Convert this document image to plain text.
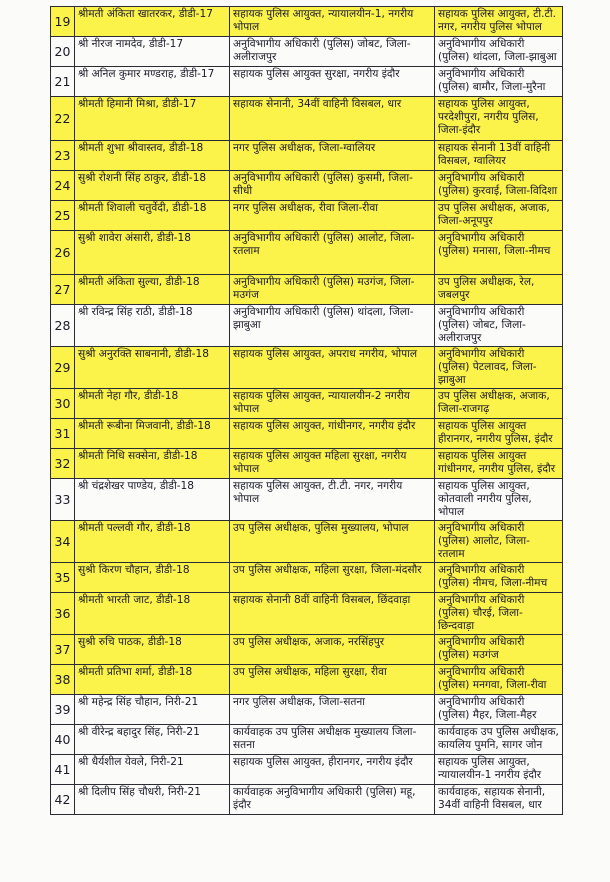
19	श्रीमती अंकिता खातरकर, डीडी-17	सहायक पुलिस आयुक्त, न्यायालयीन-1, नगरीय भोपाल	सहायक पुलिस आयुक्त, टी.टी. नगर, नगरीय पुलिस भोपाल
20	श्री नीरज नामदेव, डीडी-17	अनुविभागीय अधिकारी (पुलिस) जोबट, जिला-अलीराजपुर	अनुविभागीय अधिकारी (पुलिस) थांदला, जिला-झाबुआ
21	श्री अनिल कुमार मण्डराह, डीडी-17	सहायक पुलिस आयुक्त सुरक्षा, नगरीय इंदौर	अनुविभागीय अधिकारी (पुलिस) बामौर, जिला-मुरैना
22	श्रीमती हिमानी मिश्रा, डीडी-17	सहायक सेनानी, 34वीं वाहिनी विसबल, धार	सहायक पुलिस आयुक्त, परदेशीपुरा, नगरीय पुलिस, जिला-इंदौर
23	श्रीमती शुभा श्रीवास्तव, डीडी-18	नगर पुलिस अधीक्षक, जिला-ग्वालियर	सहायक सेनानी 13वीं वाहिनी विसबल, ग्वालियर
24	सुश्री रोशनी सिंह ठाकुर, डीडी-18	अनुविभागीय अधिकारी (पुलिस) कुसमी, जिला-सीधी	अनुविभागीय अधिकारी (पुलिस) कुरवाई, जिला-विदिशा
25	श्रीमती शिवाली चतुर्वेदी, डीडी-18	नगर पुलिस अधीक्षक, रीवा जिला-रीवा	उप पुलिस अधीक्षक, अजाक, जिला-अनूपपुर
26	सुश्री शावेरा अंसारी, डीडी-18	अनुविभागीय अधिकारी (पुलिस) आलोट, जिला- रतलाम	अनुविभागीय अधिकारी (पुलिस) मनासा, जिला-नीमच
27	श्रीमती अंकिता सुल्या, डीडी-18	अनुविभागीय अधिकारी (पुलिस) मउगंज, जिला-मउगंज	उप पुलिस अधीक्षक, रेल, जबलपुर
28	श्री रविन्द्र सिंह राठी, डीडी-18	अनुविभागीय अधिकारी (पुलिस) थांदला, जिला-झाबुआ	अनुविभागीय अधिकारी (पुलिस) जोबट, जिला-अलीराजपुर
29	सुश्री अनुरक्ति साबनानी, डीडी-18	सहायक पुलिस आयुक्त, अपराध नगरीय, भोपाल	अनुविभागीय अधिकारी (पुलिस) पेटलावद, जिला- झाबुआ
30	श्रीमती नेहा गौर, डीडी-18	सहायक पुलिस आयुक्त, न्यायालयीन-2 नगरीय भोपाल	उप पुलिस अधीक्षक, अजाक, जिला-राजगढ़
31	श्रीमती रूबीना मिजवानी, डीडी-18	सहायक पुलिस आयुक्त, गांधीनगर, नगरीय इंदौर	सहायक पुलिस आयुक्त हीरानगर, नगरीय पुलिस, इंदौर
32	श्रीमती निधि सक्सेना, डीडी-18	सहायक पुलिस आयुक्त महिला सुरक्षा, नगरीय भोपाल	सहायक पुलिस आयुक्त गांधीनगर, नगरीय पुलिस, इंदौर
33	श्री चंद्रशेखर पाण्डेय, डीडी-18	सहायक पुलिस आयुक्त, टी.टी. नगर, नगरीय भोपाल	सहायक पुलिस आयुक्त, कोतवाली नगरीय पुलिस, भोपाल
34	श्रीमती पल्लवी गौर, डीडी-18	उप पुलिस अधीक्षक, पुलिस मुख्यालय, भोपाल	अनुविभागीय अधिकारी (पुलिस) आलोट, जिला- रतलाम
35	सुश्री किरण चौहान, डीडी-18	उप पुलिस अधीक्षक, महिला सुरक्षा, जिला-मंदसौर	अनुविभागीय अधिकारी (पुलिस) नीमच, जिला-नीमच
36	श्रीमती भारती जाट, डीडी-18	सहायक सेनानी 8वीं वाहिनी विसबल, छिंदवाड़ा	अनुविभागीय अधिकारी (पुलिस) चौरई, जिला- छिन्दवाड़ा
37	सुश्री रुचि पाठक, डीडी-18	उप पुलिस अधीक्षक, अजाक, नरसिंहपुर	अनुविभागीय अधिकारी (पुलिस) मउगंज
38	श्रीमती प्रतिभा शर्मा, डीडी-18	उप पुलिस अधीक्षक, महिला सुरक्षा, रीवा	अनुविभागीय अधिकारी (पुलिस) मनगवा, जिला-रीवा
39	श्री महेन्द्र सिंह चौहान, निरी-21	नगर पुलिस अधीक्षक, जिला-सतना	अनुविभागीय अधिकारी (पुलिस) मैहर, जिला-मैहर
40	श्री वीरेन्द्र बहादुर सिंह, निरी-21	कार्यवाहक उप पुलिस अधीक्षक मुख्यालय जिला-सतना	कार्यवाहक उप पुलिस अधीक्षक, कायलिय पुमनि, सागर जोन
41	श्री धैर्यशील येवले, निरी-21	सहायक पुलिस आयुक्त, हीरानगर, नगरीय इंदौर	सहायक पुलिस आयुक्त, न्यायालयीन-1 नगरीय इंदौर
42	श्री दिलीप सिंह चौधरी, निरी-21	कार्यवाहक अनुविभागीय अधिकारी (पुलिस) महू, इंदौर	कार्यवाहक, सहायक सेनानी, 34वीं वाहिनी विसबल, धार
